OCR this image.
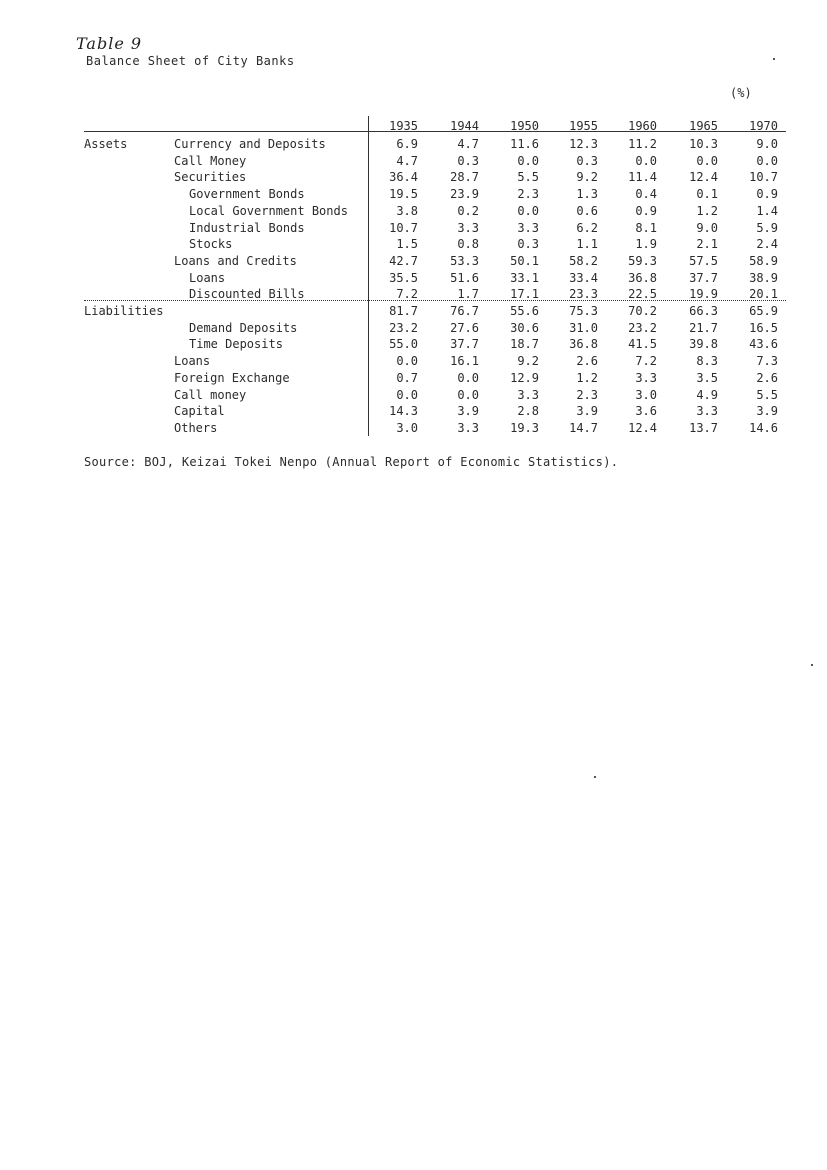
Table 9
Balance Sheet of City Banks
(%)
1935	1944	1950	1955	1960	1965	1970
Assets	Currency and Deposits	6.9	4.7	11.6	12.3	11.2	10.3	9.0
Call Money	4.7	0.3	0.0	0.3	0.0	0.0	0.0
Securities	36.4	28.7	5.5	9.2	11.4	12.4	10.7
Government Bonds	19.5	23.9	2.3	1.3	0.4	0.1	0.9
Local Government Bonds	3.8	0.2	0.0	0.6	0.9	1.2	1.4
Industrial Bonds	10.7	3.3	3.3	6.2	8.1	9.0	5.9
Stocks	1.5	0.8	0.3	1.1	1.9	2.1	2.4
Loans and Credits	42.7	53.3	50.1	58.2	59.3	57.5	58.9
Loans	35.5	51.6	33.1	33.4	36.8	37.7	38.9
Discounted Bills	7.2	1.7	17.1	23.3	22.5	19.9	20.1
Liabilities	81.7	76.7	55.6	75.3	70.2	66.3	65.9
Demand Deposits	23.2	27.6	30.6	31.0	23.2	21.7	16.5
Time Deposits	55.0	37.7	18.7	36.8	41.5	39.8	43.6
Loans	0.0	16.1	9.2	2.6	7.2	8.3	7.3
Foreign Exchange	0.7	0.0	12.9	1.2	3.3	3.5	2.6
Call money	0.0	0.0	3.3	2.3	3.0	4.9	5.5
Capital	14.3	3.9	2.8	3.9	3.6	3.3	3.9
Others	3.0	3.3	19.3	14.7	12.4	13.7	14.6
Source: BOJ, Keizai Tokei Nenpo (Annual Report of Economic Statistics).
